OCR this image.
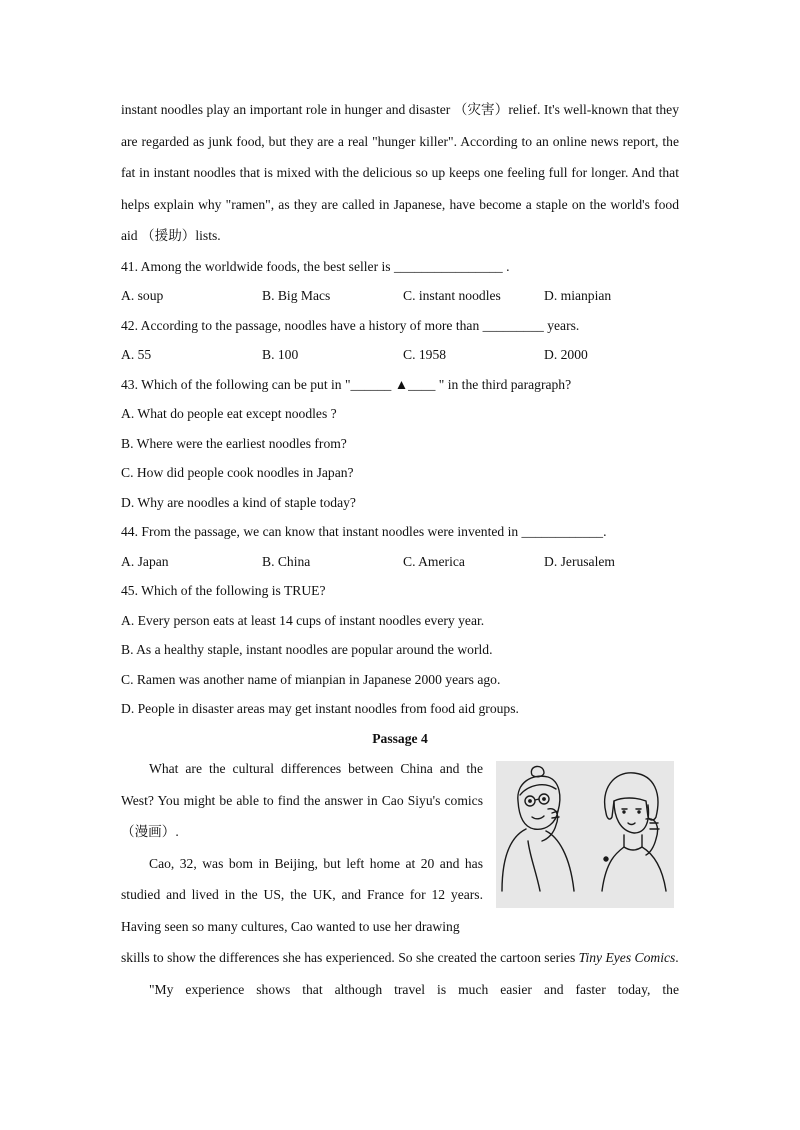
instant noodles play an important role in hunger and disaster （灾害）relief. It's well-known that they are regarded as junk food, but they are a real "hunger killer". According to an online news report, the fat in instant noodles that is mixed with the delicious so up keeps one feeling full for longer. And that helps explain why "ramen", as they are called in Japanese, have become a staple on the world's food aid （援助）lists.

41. Among the worldwide foods, the best seller is ________________ .

A. soup	B. Big Macs	C. instant noodles	D. mianpian

42. According to the passage, noodles have a history of more than _________ years.

A. 55	B. 100	C. 1958	D. 2000

43. Which of the following can be put in "______ ▲____ " in the third paragraph?

A. What do people eat except noodles ?

B. Where were the earliest noodles from?

C. How did people cook noodles in Japan?

D. Why are noodles a kind of staple today?

44. From the passage, we can know that instant noodles were invented in ____________.

A. Japan	B. China	C. America	D. Jerusalem

45. Which of the following is TRUE?

A. Every person eats at least 14 cups of instant noodles every year.

B. As a healthy staple, instant noodles are popular around the world.

C. Ramen was another name of mianpian in Japanese 2000 years ago.

D. People in disaster areas may get instant noodles from food aid groups.

Passage 4

What are the cultural differences between China and the West? You might be able to find the answer in Cao Siyu's comics （漫画）.

Cao, 32, was bom in Beijing, but left home at 20 and has studied and lived in the US, the UK, and France for 12 years. Having seen so many cultures, Cao wanted to use her drawing

skills to show the differences she has experienced. So she created the cartoon series Tiny Eyes Comics.

"My experience shows that although travel is much easier and faster today, the
